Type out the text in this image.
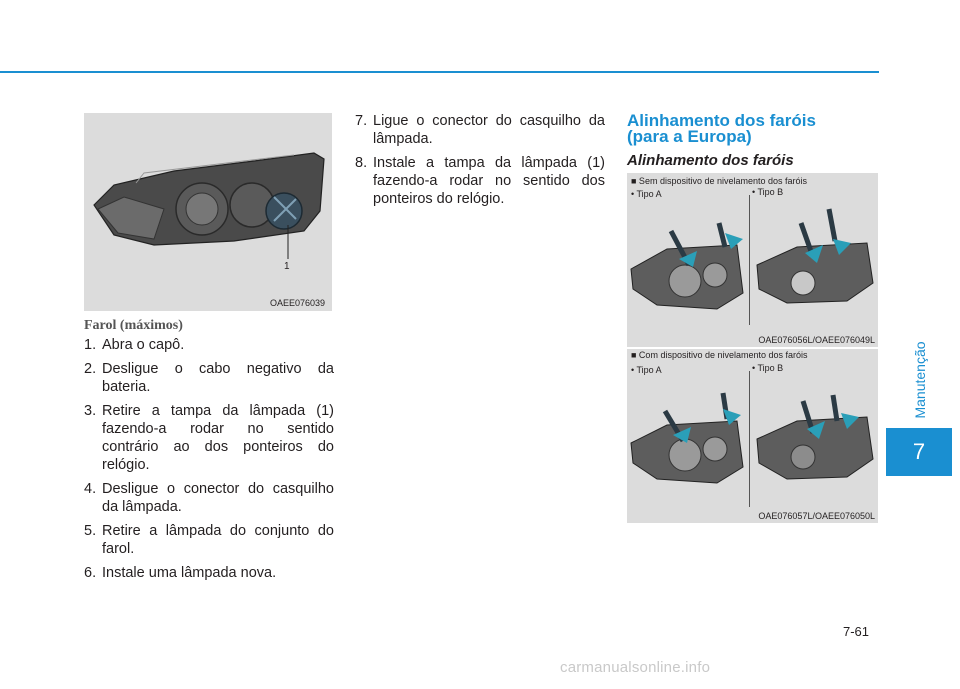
Manutenção
7
1
OAEE076039
Farol (máximos)
1. Abra o capô.
2. Desligue o cabo negativo da bateria.
3. Retire a tampa da lâmpada (1) fazendo-a rodar no sentido contrário ao dos ponteiros do relógio.
4. Desligue o conector do casquilho da lâmpada.
5. Retire a lâmpada do conjunto do farol.
6. Instale uma lâmpada nova.
7. Ligue o conector do casquilho da lâmpada.
8. Instale a tampa da lâmpada (1) fazendo-a rodar no sentido dos ponteiros do relógio.
Alinhamento dos faróis
(para a Europa)
Alinhamento dos faróis
■ Sem dispositivo de nivelamento dos faróis
• Tipo A	• Tipo B
OAE076056L/OAEE076049L
■ Com dispositivo de nivelamento dos faróis
• Tipo A	• Tipo B
OAE076057L/OAEE076050L
7-61
carmanualsonline.info
